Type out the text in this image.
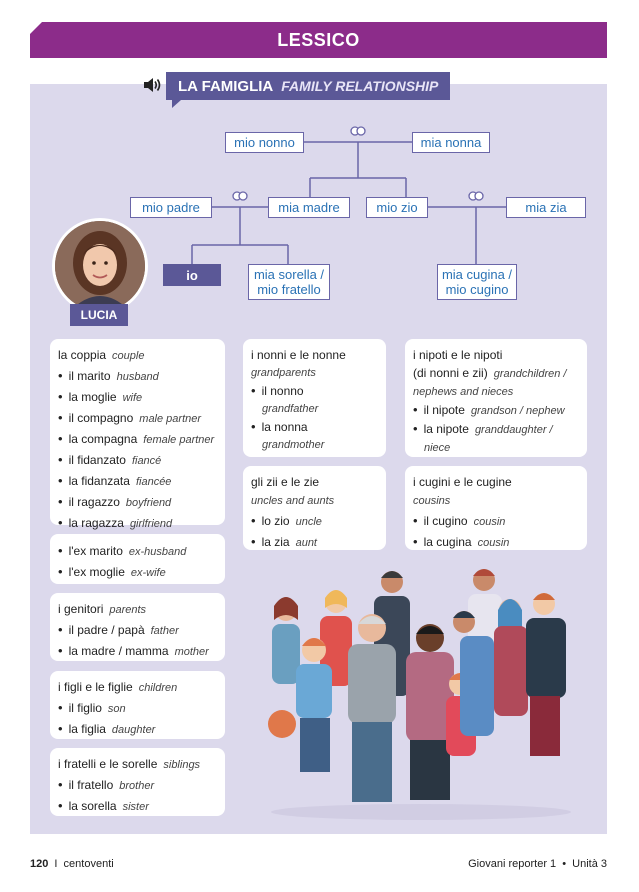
LESSICO
LA FAMIGLIA FAMILY RELATIONSHIP
mio nonno	mia nonna
mio padre	mia madre	mio zio	mia zia
io	mia sorella /
mio fratello
mia cugina /
mio cugino
LUCIA
la coppia couple
• il marito husband
• la moglie wife
• il compagno male partner
• la compagna female partner
• il fidanzato fiancé
• la fidanzata fiancée
• il ragazzo boyfriend
• la ragazza girlfriend
• l'ex marito ex-husband
• l'ex moglie ex-wife
i genitori parents
• il padre / papà father
• la madre / mamma mother
i figli e le figlie children
• il figlio son
• la figlia daughter
i fratelli e le sorelle siblings
• il fratello brother
• la sorella sister
i nonni e le nonne
grandparents
• il nonno
grandfather
• la nonna
grandmother
gli zii e le zie
uncles and aunts
• lo zio uncle
• la zia aunt
i nipoti e le nipoti
(di nonni e zii) grandchildren /
nephews and nieces
• il nipote grandson / nephew
• la nipote granddaughter /
niece
i cugini e le cugine
cousins
• il cugino cousin
• la cugina cousin
120 I centoventi	Giovani reporter 1 • Unità 3
